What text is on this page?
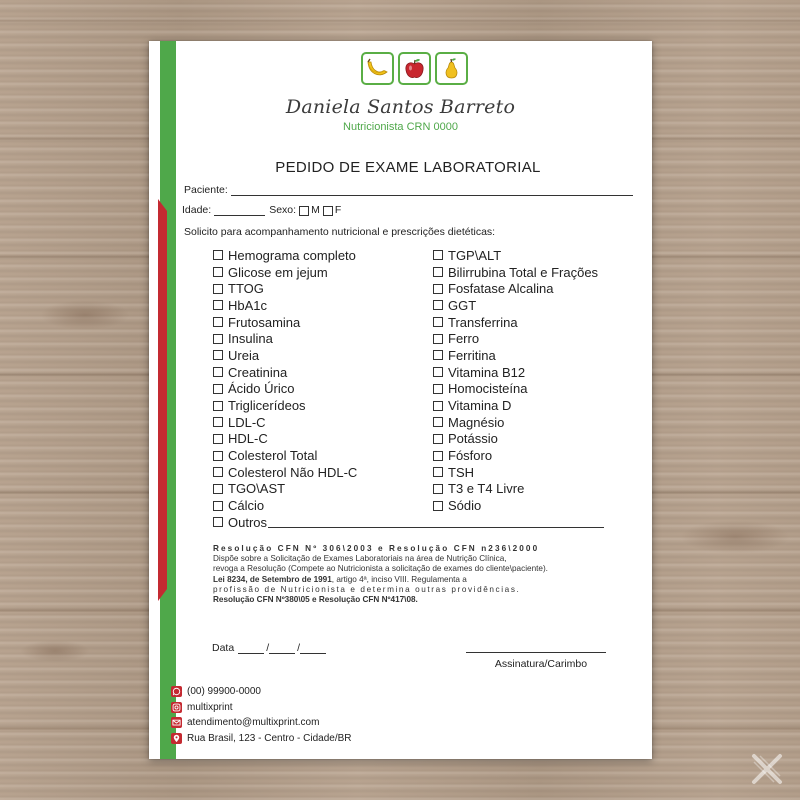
Daniela Santos Barreto
Nutricionista CRN 0000
PEDIDO DE EXAME LABORATORIAL
Paciente:
Idade:	Sexo: M F
Solicito para acompanhamento nutricional e prescrições dietéticas:
Hemograma completo
Glicose em jejum
TTOG
HbA1c
Frutosamina
Insulina
Ureia
Creatinina
Ácido Úrico
Triglicerídeos
LDL-C
HDL-C
Colesterol Total
Colesterol Não HDL-C
TGO\AST
Cálcio
Outros
TGP\ALT
Bilirrubina Total e Frações
Fosfatase Alcalina
GGT
Transferrina
Ferro
Ferritina
Vitamina B12
Homocisteína
Vitamina D
Magnésio
Potássio
Fósforo
TSH
T3 e T4 Livre
Sódio
Resolução CFN Nº 306\2003 e Resolução CFN n236\2000
Dispõe sobre a Solicitação de Exames Laboratoriais na área de Nutrição Clínica,
revoga a Resolução (Compete ao Nutricionista a solicitação de exames do cliente\paciente).
Lei 8234, de Setembro de 1991, artigo 4ª, inciso VIII. Regulamenta a
profissão de Nutricionista e determina outras providências.
Resolução CFN Nº380\05 e Resolução CFN Nº417\08.
Data	/	/
Assinatura/Carimbo
(00) 99900-0000
multixprint
atendimento@multixprint.com
Rua Brasil, 123 - Centro - Cidade/BR
